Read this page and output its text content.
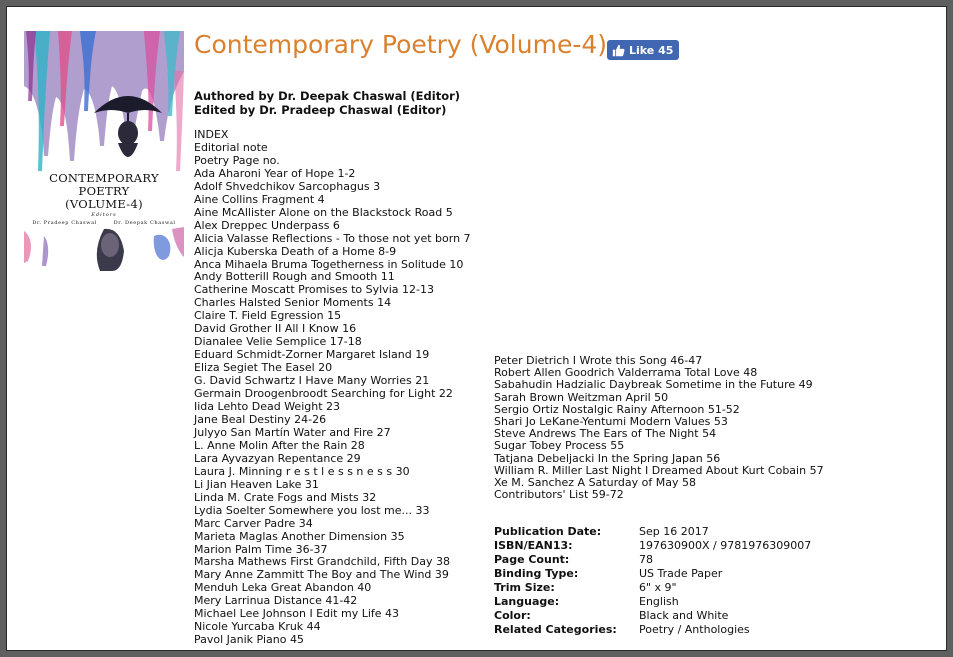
CONTEMPORARY
POETRY
(VOLUME-4)
Editors
Dr. Pradeep Chaswal	Dr. Deepak Chaswal
Contemporary Poetry (Volume-4) Like 45
Authored by Dr. Deepak Chaswal (Editor)
Edited by Dr. Pradeep Chaswal (Editor)
INDEX
Editorial note
Poetry Page no.
Ada Aharoni Year of Hope 1-2
Adolf Shvedchikov Sarcophagus 3
Aine Collins Fragment 4
Aine McAllister Alone on the Blackstock Road 5
Alex Dreppec Underpass 6
Alicia Valasse Reflections - To those not yet born 7
Alicja Kuberska Death of a Home 8-9
Anca Mihaela Bruma Togetherness in Solitude 10
Andy Botterill Rough and Smooth 11
Catherine Moscatt Promises to Sylvia 12-13
Charles Halsted Senior Moments 14
Claire T. Field Egression 15
David Grother II All I Know 16
Dianalee Velie Semplice 17-18
Eduard Schmidt-Zorner Margaret Island 19
Eliza Segiet The Easel 20
G. David Schwartz I Have Many Worries 21
Germain Droogenbroodt Searching for Light 22
Iida Lehto Dead Weight 23
Jane Beal Destiny 24-26
Julyyo San Martín Water and Fire 27
L. Anne Molin After the Rain 28
Lara Ayvazyan Repentance 29
Laura J. Minning r e s t l e s s n e s s 30
Li Jian Heaven Lake 31
Linda M. Crate Fogs and Mists 32
Lydia Soelter Somewhere you lost me... 33
Marc Carver Padre 34
Marieta Maglas Another Dimension 35
Marion Palm Time 36-37
Marsha Mathews First Grandchild, Fifth Day 38
Mary Anne Zammitt The Boy and The Wind 39
Menduh Leka Great Abandon 40
Mery Larrinua Distance 41-42
Michael Lee Johnson I Edit my Life 43
Nicole Yurcaba Kruk 44
Pavol Janik Piano 45
Peter Dietrich I Wrote this Song 46-47
Robert Allen Goodrich Valderrama Total Love 48
Sabahudin Hadzialic Daybreak Sometime in the Future 49
Sarah Brown Weitzman April 50
Sergio Ortiz Nostalgic Rainy Afternoon 51-52
Shari Jo LeKane-Yentumi Modern Values 53
Steve Andrews The Ears of The Night 54
Sugar Tobey Process 55
Tatjana Debeljacki In the Spring Japan 56
William R. Miller Last Night I Dreamed About Kurt Cobain 57
Xe M. Sanchez A Saturday of May 58
Contributors' List 59-72
Publication Date:	Sep 16 2017
ISBN/EAN13:	197630900X / 9781976309007
Page Count:	78
Binding Type:	US Trade Paper
Trim Size:	6" x 9"
Language:	English
Color:	Black and White
Related Categories:	Poetry / Anthologies
